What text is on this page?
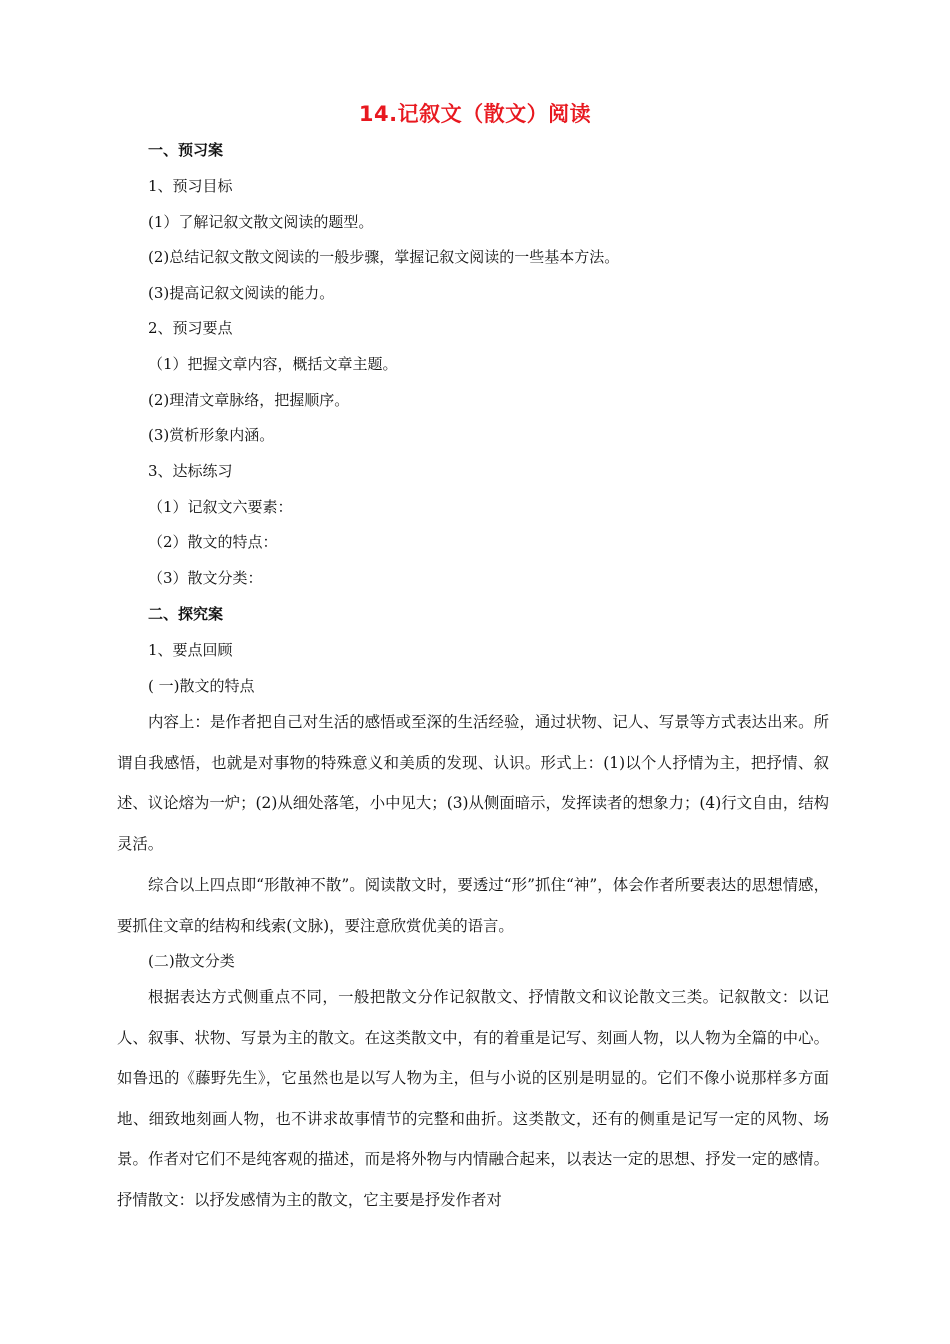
14.记叙文（散文）阅读
一、预习案
1、预习目标
(1）了解记叙文散文阅读的题型。
(2)总结记叙文散文阅读的一般步骤，掌握记叙文阅读的一些基本方法。
(3)提高记叙文阅读的能力。
2、预习要点
（1）把握文章内容，概括文章主题。
(2)理清文章脉络，把握顺序。
(3)赏析形象内涵。
3、达标练习
（1）记叙文六要素：
（2）散文的特点：
（3）散文分类：
二、探究案
1、要点回顾
( 一)散文的特点
内容上：是作者把自己对生活的感悟或至深的生活经验，通过状物、记人、写景等方式表达出来。所谓自我感悟，也就是对事物的特殊意义和美质的发现、认识。形式上：(1)以个人抒情为主，把抒情、叙述、议论熔为一炉；(2)从细处落笔，小中见大；(3)从侧面暗示，发挥读者的想象力；(4)行文自由，结构灵活。
综合以上四点即“形散神不散”。阅读散文时，要透过“形”抓住“神”，体会作者所要表达的思想情感，要抓住文章的结构和线索(文脉)，要注意欣赏优美的语言。
(二)散文分类
根据表达方式侧重点不同，一般把散文分作记叙散文、抒情散文和议论散文三类。记叙散文：以记人、叙事、状物、写景为主的散文。在这类散文中，有的着重是记写、刻画人物，以人物为全篇的中心。如鲁迅的《藤野先生》，它虽然也是以写人物为主，但与小说的区别是明显的。它们不像小说那样多方面地、细致地刻画人物，也不讲求故事情节的完整和曲折。这类散文，还有的侧重是记写一定的风物、场景。作者对它们不是纯客观的描述，而是将外物与内情融合起来，以表达一定的思想、抒发一定的感情。抒情散文：以抒发感情为主的散文，它主要是抒发作者对
